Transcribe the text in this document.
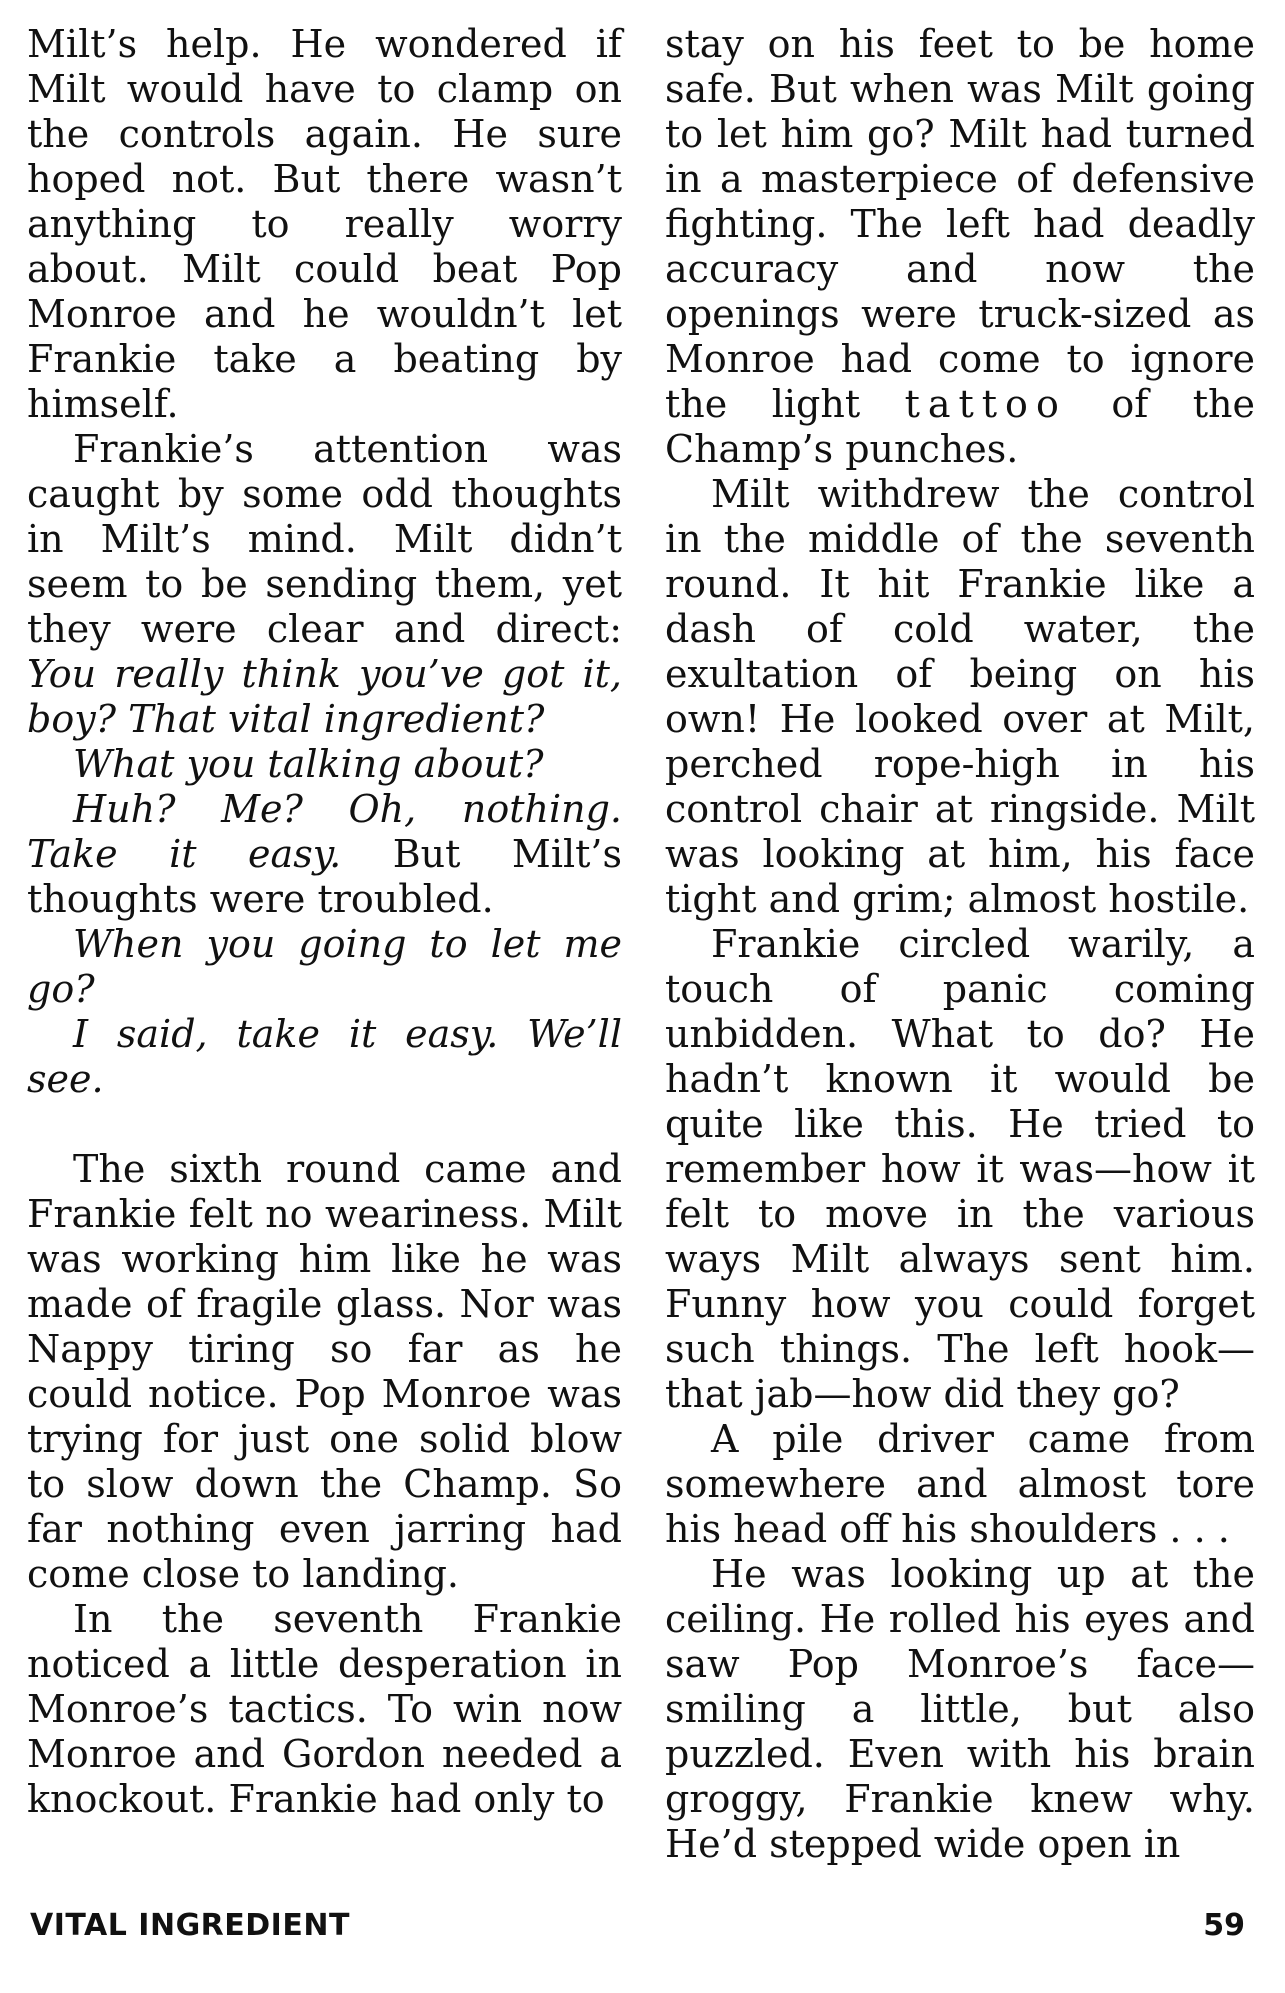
Milt’s help. He wondered if Milt would have to clamp on the controls again. He sure hoped not. But there wasn’t anything to really worry about. Milt could beat Pop Monroe and he wouldn’t let Frankie take a beating by himself.

Frankie’s attention was caught by some odd thoughts in Milt’s mind. Milt didn’t seem to be sending them, yet they were clear and direct: You really think you’ve got it, boy? That vital ingredient?

What you talking about?

Huh? Me? Oh, nothing. Take it easy. But Milt’s thoughts were troubled.

When you going to let me go?

I said, take it easy. We’ll see.

The sixth round came and Frankie felt no weariness. Milt was working him like he was made of fragile glass. Nor was Nappy tiring so far as he could notice. Pop Monroe was trying for just one solid blow to slow down the Champ. So far nothing even jarring had come close to landing.

In the seventh Frankie noticed a little desperation in Monroe’s tactics. To win now Monroe and Gordon needed a knockout. Frankie had only to

stay on his feet to be home safe. But when was Milt going to let him go? Milt had turned in a masterpiece of defensive fighting. The left had deadly accuracy and now the openings were truck-sized as Monroe had come to ignore the light tattoo of the Champ’s punches.

Milt withdrew the control in the middle of the seventh round. It hit Frankie like a dash of cold water, the exultation of being on his own! He looked over at Milt, perched rope-high in his control chair at ringside. Milt was looking at him, his face tight and grim; almost hostile.

Frankie circled warily, a touch of panic coming unbidden. What to do? He hadn’t known it would be quite like this. He tried to remember how it was—how it felt to move in the various ways Milt always sent him. Funny how you could forget such things. The left hook—that jab—how did they go?

A pile driver came from somewhere and almost tore his head off his shoulders . . .

He was looking up at the ceiling. He rolled his eyes and saw Pop Monroe’s face—smiling a little, but also puzzled. Even with his brain groggy, Frankie knew why. He’d stepped wide open in

VITAL INGREDIENT	59
